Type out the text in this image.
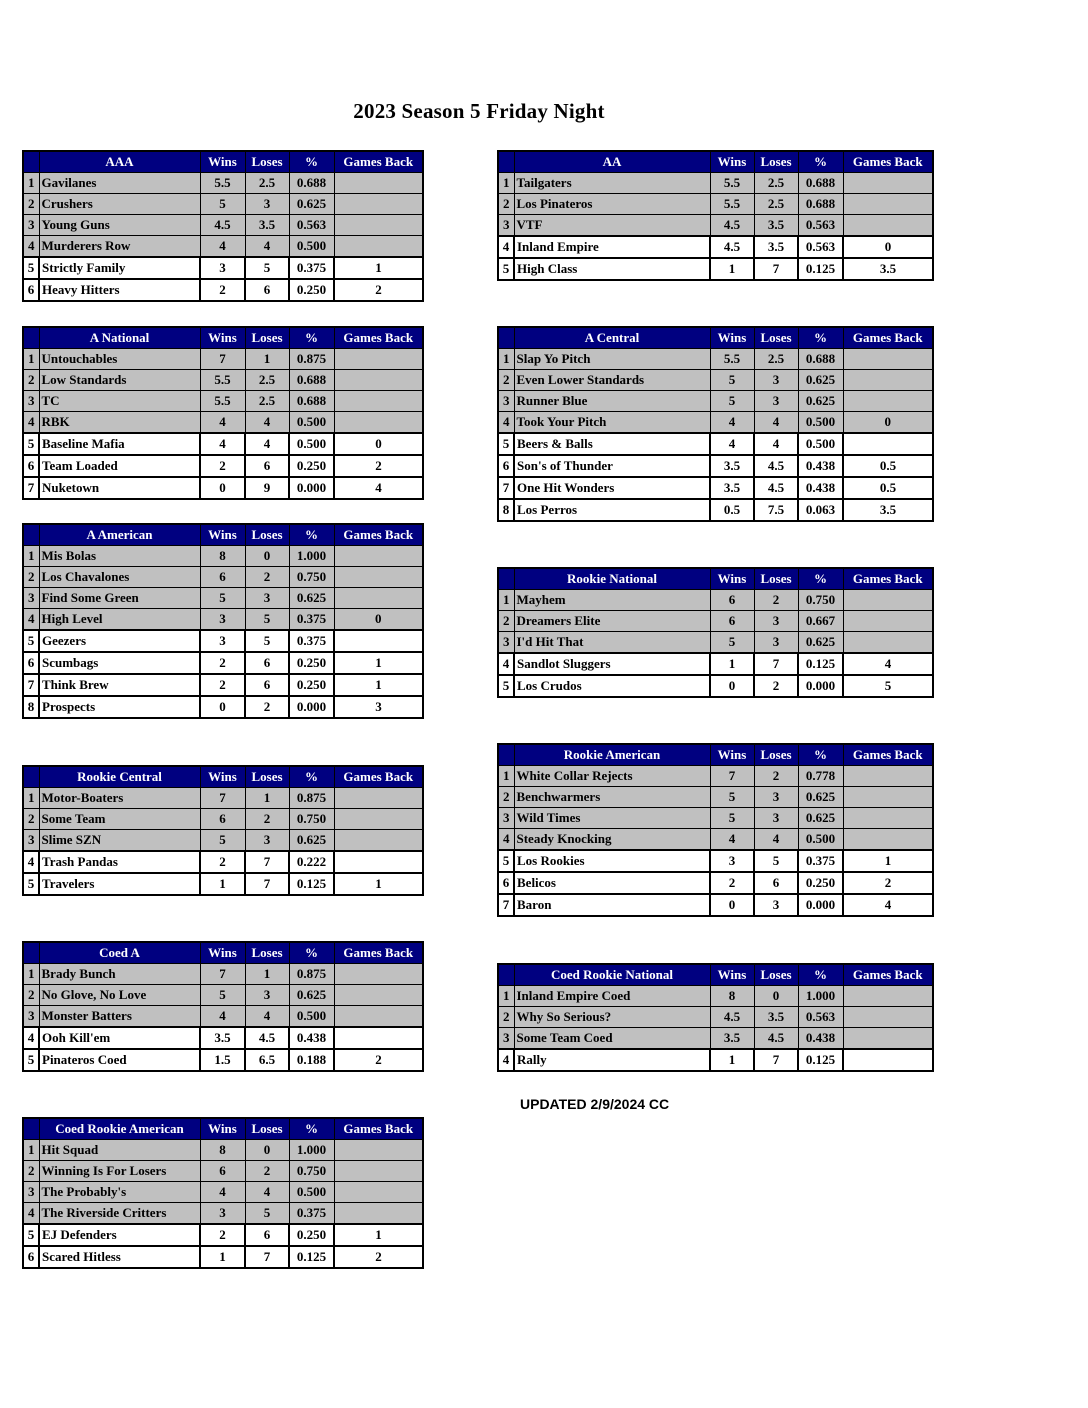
2023 Season 5 Friday Night
	AAA	Wins	Loses	%	Games Back
1	Gavilanes	5.5	2.5	0.688	
2	Crushers	5	3	0.625	
3	Young Guns	4.5	3.5	0.563	
4	Murderers Row	4	4	0.500	
5	Strictly Family	3	5	0.375	1
6	Heavy Hitters	2	6	0.250	2
	A National	Wins	Loses	%	Games Back
1	Untouchables	7	1	0.875	
2	Low Standards	5.5	2.5	0.688	
3	TC	5.5	2.5	0.688	
4	RBK	4	4	0.500	
5	Baseline Mafia	4	4	0.500	0
6	Team Loaded	2	6	0.250	2
7	Nuketown	0	9	0.000	4
	A American	Wins	Loses	%	Games Back
1	Mis Bolas	8	0	1.000	
2	Los Chavalones	6	2	0.750	
3	Find Some Green	5	3	0.625	
4	High Level	3	5	0.375	0
5	Geezers	3	5	0.375	
6	Scumbags	2	6	0.250	1
7	Think Brew	2	6	0.250	1
8	Prospects	0	2	0.000	3
	Rookie Central	Wins	Loses	%	Games Back
1	Motor-Boaters	7	1	0.875	
2	Some Team	6	2	0.750	
3	Slime SZN	5	3	0.625	
4	Trash Pandas	2	7	0.222	
5	Travelers	1	7	0.125	1
	Coed A	Wins	Loses	%	Games Back
1	Brady Bunch	7	1	0.875	
2	No Glove, No Love	5	3	0.625	
3	Monster Batters	4	4	0.500	
4	Ooh Kill'em	3.5	4.5	0.438	
5	Pinateros Coed	1.5	6.5	0.188	2
	Coed Rookie American	Wins	Loses	%	Games Back
1	Hit Squad	8	0	1.000	
2	Winning Is For Losers	6	2	0.750	
3	The Probably's	4	4	0.500	
4	The Riverside Critters	3	5	0.375	
5	EJ Defenders	2	6	0.250	1
6	Scared Hitless	1	7	0.125	2
	AA	Wins	Loses	%	Games Back
1	Tailgaters	5.5	2.5	0.688	
2	Los Pinateros	5.5	2.5	0.688	
3	VTF	4.5	3.5	0.563	
4	Inland Empire	4.5	3.5	0.563	0
5	High Class	1	7	0.125	3.5
	A Central	Wins	Loses	%	Games Back
1	Slap Yo Pitch	5.5	2.5	0.688	
2	Even Lower Standards	5	3	0.625	
3	Runner Blue	5	3	0.625	
4	Took Your Pitch	4	4	0.500	0
5	Beers & Balls	4	4	0.500	
6	Son's of Thunder	3.5	4.5	0.438	0.5
7	One Hit Wonders	3.5	4.5	0.438	0.5
8	Los Perros	0.5	7.5	0.063	3.5
	Rookie National	Wins	Loses	%	Games Back
1	Mayhem	6	2	0.750	
2	Dreamers Elite	6	3	0.667	
3	I'd Hit That	5	3	0.625	
4	Sandlot Sluggers	1	7	0.125	4
5	Los Crudos	0	2	0.000	5
	Rookie American	Wins	Loses	%	Games Back
1	White Collar Rejects	7	2	0.778	
2	Benchwarmers	5	3	0.625	
3	Wild Times	5	3	0.625	
4	Steady Knocking	4	4	0.500	
5	Los Rookies	3	5	0.375	1
6	Belicos	2	6	0.250	2
7	Baron	0	3	0.000	4
	Coed Rookie National	Wins	Loses	%	Games Back
1	Inland Empire Coed	8	0	1.000	
2	Why So Serious?	4.5	3.5	0.563	
3	Some Team Coed	3.5	4.5	0.438	
4	Rally	1	7	0.125	
UPDATED 2/9/2024 CC
